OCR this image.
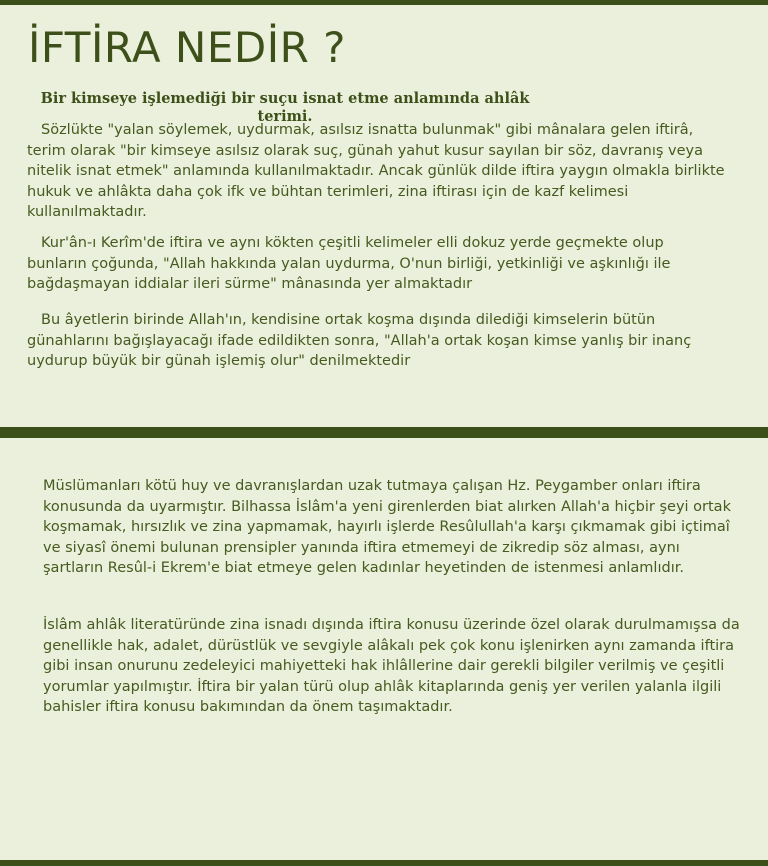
İFTİRA NEDİR ?

Bir kimseye işlemediği bir suçu isnat etme anlamında ahlâk terimi.

Sözlükte "yalan söylemek, uydurmak, asılsız isnatta bulunmak" gibi mânalara gelen iftirâ, terim olarak "bir kimseye asılsız olarak suç, günah yahut kusur sayılan bir söz, davranış veya nitelik isnat etmek" anlamında kullanılmaktadır. Ancak günlük dilde iftira yaygın olmakla birlikte hukuk ve ahlâkta daha çok ifk ve bühtan terimleri, zina iftirası için de kazf kelimesi kullanılmaktadır.

Kur'ân-ı Kerîm'de iftira ve aynı kökten çeşitli kelimeler elli dokuz yerde geçmekte olup bunların çoğunda, "Allah hakkında yalan uydurma, O'nun birliği, yetkinliği ve aşkınlığı ile bağdaşmayan iddialar ileri sürme" mânasında yer almaktadır

Bu âyetlerin birinde Allah'ın, kendisine ortak koşma dışında dilediği kimselerin bütün günahlarını bağışlayacağı ifade edildikten sonra, "Allah'a ortak koşan kimse yanlış bir inanç uydurup büyük bir günah işlemiş olur" denilmektedir

Müslümanları kötü huy ve davranışlardan uzak tutmaya çalışan Hz. Peygamber onları iftira konusunda da uyarmıştır. Bilhassa İslâm'a yeni girenlerden biat alırken Allah'a hiçbir şeyi ortak koşmamak, hırsızlık ve zina yapmamak, hayırlı işlerde Resûlullah'a karşı çıkmamak gibi içtimaî ve siyasî önemi bulunan prensipler yanında iftira etmemeyi de zikredip söz alması, aynı şartların Resûl-i Ekrem'e biat etmeye gelen kadınlar heyetinden de istenmesi anlamlıdır.

İslâm ahlâk literatüründe zina isnadı dışında iftira konusu üzerinde özel olarak durulmamışsa da genellikle hak, adalet, dürüstlük ve sevgiyle alâkalı pek çok konu işlenirken aynı zamanda iftira gibi insan onurunu zedeleyici mahiyetteki hak ihlâllerine dair gerekli bilgiler verilmiş ve çeşitli yorumlar yapılmıştır. İftira bir yalan türü olup ahlâk kitaplarında geniş yer verilen yalanla ilgili bahisler iftira konusu bakımından da önem taşımaktadır.
